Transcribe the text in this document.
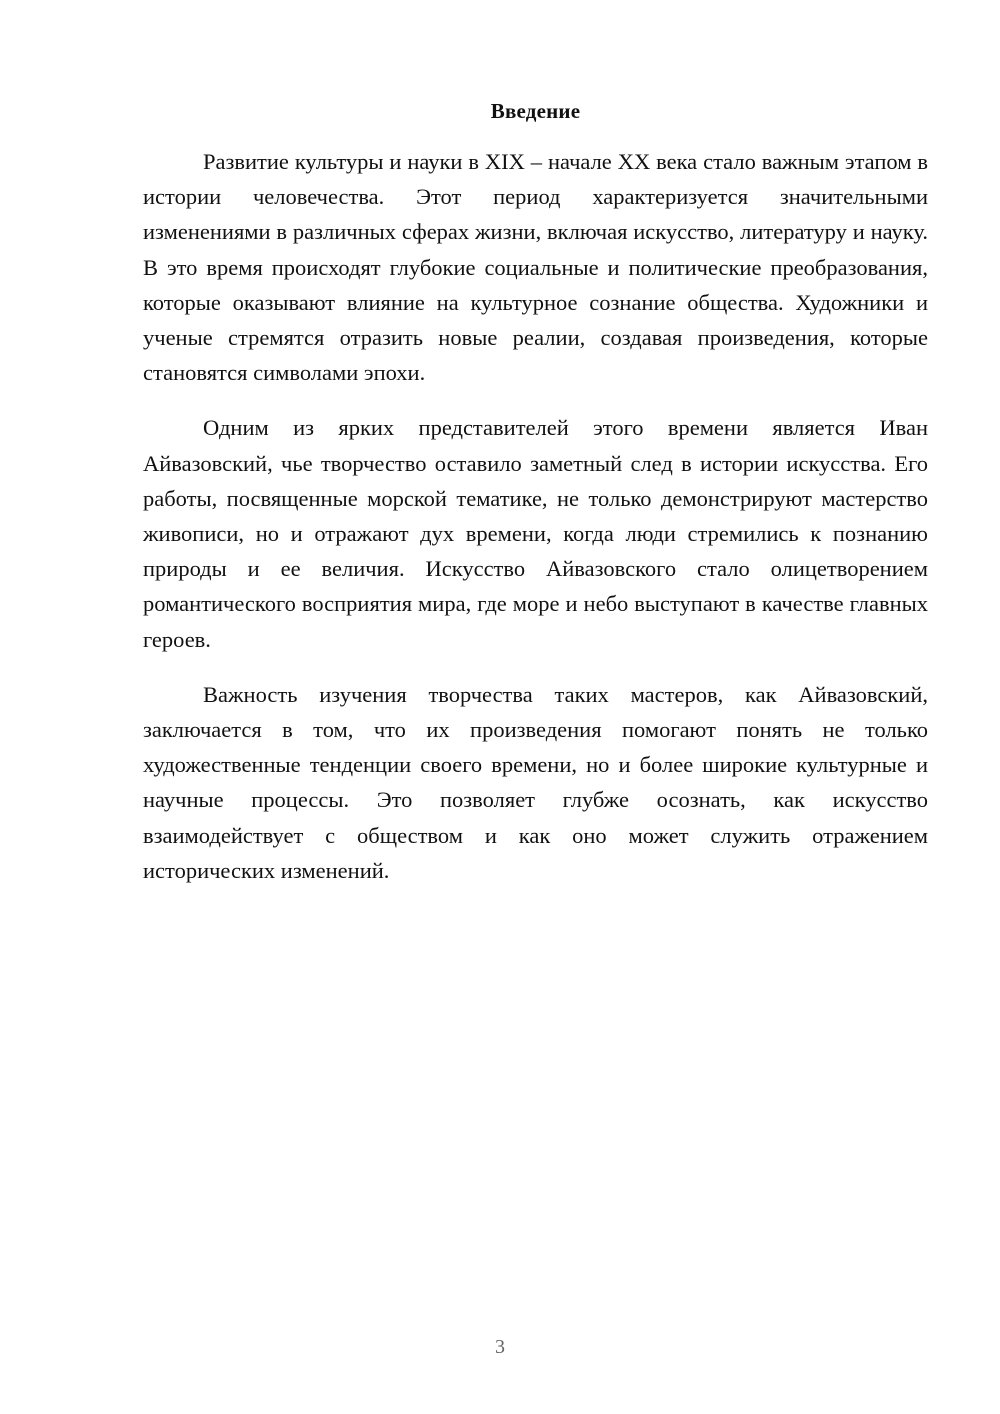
Введение

Развитие культуры и науки в XIX – начале XX века стало важным этапом в истории человечества. Этот период характеризуется значительными изменениями в различных сферах жизни, включая искусство, литературу и науку. В это время происходят глубокие социальные и политические преобразования, которые оказывают влияние на культурное сознание общества. Художники и ученые стремятся отразить новые реалии, создавая произведения, которые становятся символами эпохи.

Одним из ярких представителей этого времени является Иван Айвазовский, чье творчество оставило заметный след в истории искусства. Его работы, посвященные морской тематике, не только демонстрируют мастерство живописи, но и отражают дух времени, когда люди стремились к познанию природы и ее величия. Искусство Айвазовского стало олицетворением романтического восприятия мира, где море и небо выступают в качестве главных героев.

Важность изучения творчества таких мастеров, как Айвазовский, заключается в том, что их произведения помогают понять не только художественные тенденции своего времени, но и более широкие культурные и научные процессы. Это позволяет глубже осознать, как искусство взаимодействует с обществом и как оно может служить отражением исторических изменений.

3
